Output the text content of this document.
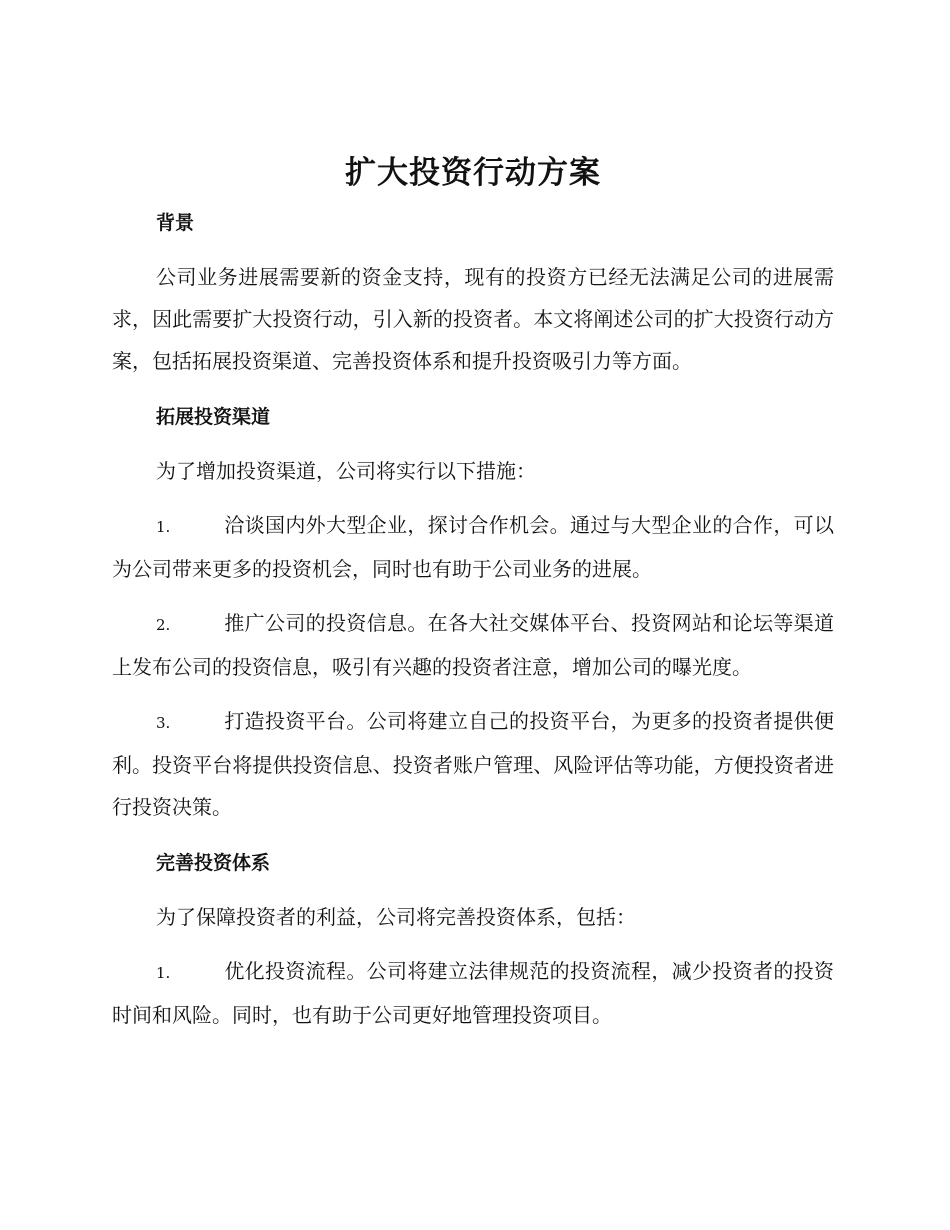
扩大投资行动方案
背景

公司业务进展需要新的资金支持，现有的投资方已经无法满足公司的进展需求，因此需要扩大投资行动，引入新的投资者。本文将阐述公司的扩大投资行动方案，包括拓展投资渠道、完善投资体系和提升投资吸引力等方面。

拓展投资渠道

为了增加投资渠道，公司将实行以下措施：

1.	洽谈国内外大型企业，探讨合作机会。通过与大型企业的合作，可以为公司带来更多的投资机会，同时也有助于公司业务的进展。

2.	推广公司的投资信息。在各大社交媒体平台、投资网站和论坛等渠道上发布公司的投资信息，吸引有兴趣的投资者注意，增加公司的曝光度。

3.	打造投资平台。公司将建立自己的投资平台，为更多的投资者提供便利。投资平台将提供投资信息、投资者账户管理、风险评估等功能，方便投资者进行投资决策。

完善投资体系

为了保障投资者的利益，公司将完善投资体系，包括：

1.	优化投资流程。公司将建立法律规范的投资流程，减少投资者的投资时间和风险。同时，也有助于公司更好地管理投资项目。
